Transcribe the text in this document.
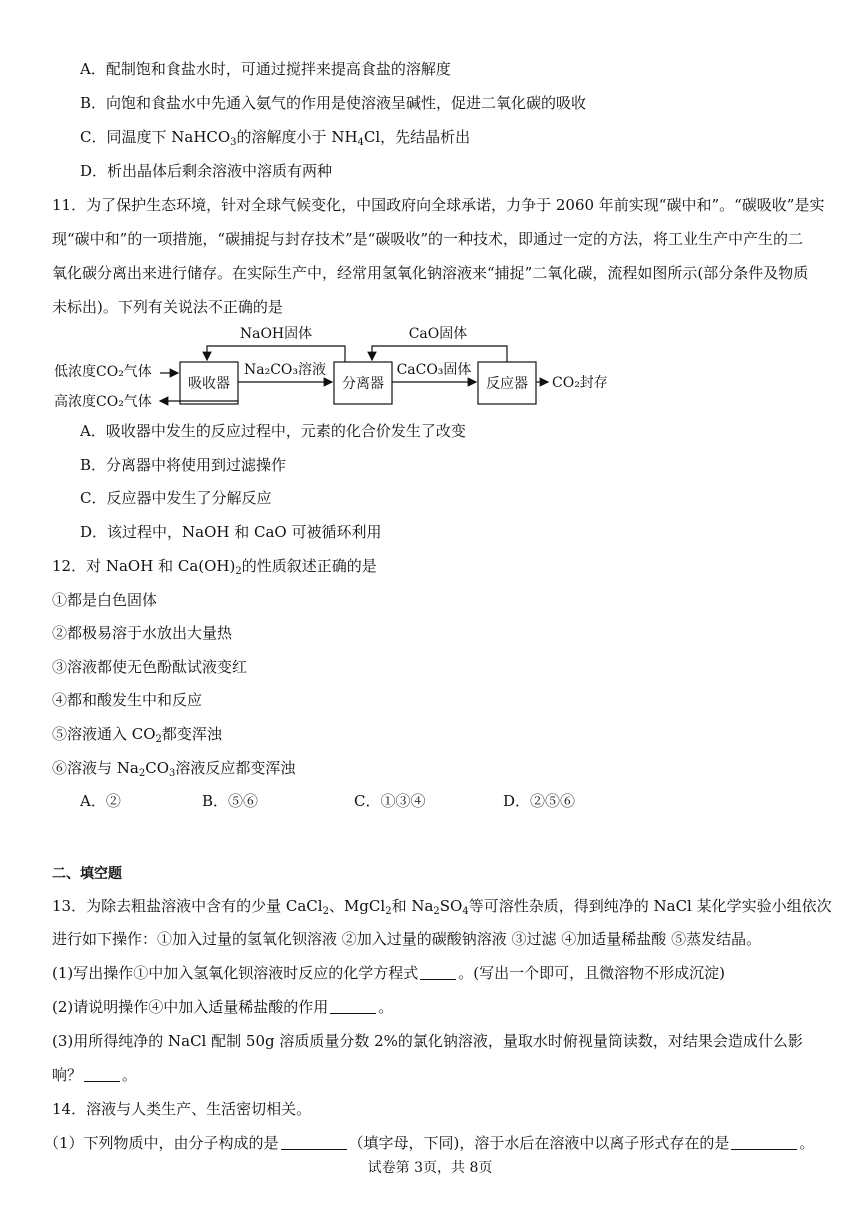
A．配制饱和食盐水时，可通过搅拌来提高食盐的溶解度
B．向饱和食盐水中先通入氨气的作用是使溶液呈碱性，促进二氧化碳的吸收
C．同温度下 NaHCO$_3$的溶解度小于 $NH_4Cl$，先结晶析出
D．析出晶体后剩余溶液中溶质有两种
11．为了保护生态环境，针对全球气候变化，中国政府向全球承诺，力争于 2060 年前实现“碳中和”。“碳吸收”是实
现“碳中和”的一项措施，“碳捕捉与封存技术”是“碳吸收”的一种技术，即通过一定的方法，将工业生产中产生的二
氧化碳分离出来进行储存。在实际生产中，经常用氢氧化钠溶液来“捕捉”二氧化碳，流程如图所示(部分条件及物质
未标出)。下列有关说法不正确的是
吸收器	分离器	反应器
低浓度CO₂气体
高浓度CO₂气体
Na₂CO₃溶液	CaCO₃固体
CO₂封存
NaOH固体	CaO固体
A．吸收器中发生的反应过程中，元素的化合价发生了改变
B．分离器中将使用到过滤操作
C．反应器中发生了分解反应
D．该过程中，NaOH 和 CaO 可被循环利用
12．对 NaOH 和 $Ca(OH)_2$的性质叙述正确的是
①都是白色固体
②都极易溶于水放出大量热
③溶液都使无色酚酞试液变红
④都和酸发生中和反应
⑤溶液通入 $CO_2$都变浑浊
⑥溶液与 $Na_2CO_3$溶液反应都变浑浊
A．②	B．⑤⑥	C．①③④	D．②⑤⑥
二、填空题
13．为除去粗盐溶液中含有的少量 CaCl$_2$、MgCl$_2$和 $Na_2SO_4$等可溶性杂质，得到纯净的 NaCl 某化学实验小组依次
进行如下操作：①加入过量的氢氧化钡溶液 ②加入过量的碳酸钠溶液 ③过滤 ④加适量稀盐酸 ⑤蒸发结晶。
(1)写出操作①中加入氢氧化钡溶液时反应的化学方程式	。(写出一个即可，且微溶物不形成沉淀)
(2)请说明操作④中加入适量稀盐酸的作用	。
(3)用所得纯净的 NaCl 配制 50g 溶质质量分数 2%的氯化钠溶液，量取水时俯视量筒读数，对结果会造成什么影
响？	。
14．溶液与人类生产、生活密切相关。
（1）下列物质中，由分子构成的是	（填字母，下同)，溶于水后在溶液中以离子形式存在的是	。
试卷第 3页，共 8页
